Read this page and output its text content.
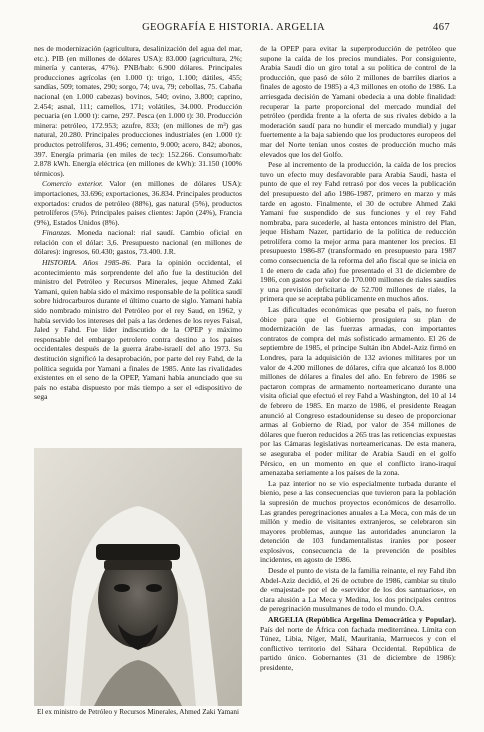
GEOGRAFÍA E HISTORIA. ARGELIA	467

nes de modernización (agricultura, desalinización del agua del mar, etc.). PIB (en millones de dólares USA): 83.000 (agricultura, 2%; minería y canteras, 47%). PNB/hab: 6.900 dólares. Principales producciones agrícolas (en 1.000 t): trigo, 1.100; dátiles, 455; sandías, 509; tomates, 290; sorgo, 74; uva, 79; cebollas, 75. Cabaña nacional (en 1.000 cabezas) bovinos, 540; ovino, 3.800; caprino, 2.454; asnal, 111; camellos, 171; volátiles, 34.000. Producción pecuaria (en 1.000 t): carne, 297. Pesca (en 1.000 t): 30. Producción minera: petróleo, 172.953; azufre, 833; (en millones de m³) gas natural, 20.280. Principales producciones industriales (en 1.000 t): productos petrolíferos, 31.496; cemento, 9.000; acero, 842; abonos, 397. Energía primaria (en miles de tec): 152.266. Consumo/hab: 2.878 kWh. Energía eléctrica (en millones de kWh): 31.150 (100% térmicos).

Comercio exterior. Valor (en millones de dólares USA): importaciones, 33.696; exportaciones, 36.834. Principales productos exportados: crudos de petróleo (88%), gas natural (5%), productos petrolíferos (5%). Principales países clientes: Japón (24%), Francia (9%), Estados Unidos (8%).

Finanzas. Moneda nacional: rial saudí. Cambio oficial en relación con el dólar: 3,6. Presupuesto nacional (en millones de dólares): ingresos, 60.430; gastos, 73.400. J.R.

HISTORIA. Años 1985-86. Para la opinión occidental, el acontecimiento más sorprendente del año fue la destitución del ministro del Petróleo y Recursos Minerales, jeque Ahmed Zaki Yamani, quien había sido el máximo responsable de la política saudí sobre hidrocarburos durante el último cuarto de siglo. Yamani había sido nombrado ministro del Petróleo por el rey Saud, en 1962, y había servido los intereses del país a las órdenes de los reyes Faisal, Jaled y Fahd. Fue líder indiscutido de la OPEP y máximo responsable del embargo petrolero contra destino a los países occidentales después de la guerra árabe-israelí del año 1973. Su destitución significó la desaprobación, por parte del rey Fahd, de la política seguida por Yamani a finales de 1985. Ante las rivalidades existentes en el seno de la OPEP, Yamani había anunciado que su país no estaba dispuesto por más tiempo a ser el «dispositivo de sega

El ex ministro de Petróleo y Recursos Minerales, Ahmed Zaki Yamani

de la OPEP para evitar la superproducción de petróleo que supone la caída de los precios mundiales. Por consiguiente, Arabia Saudí dio un giro total a su política de control de la producción, que pasó de sólo 2 millones de barriles diarios a finales de agosto de 1985) a 4,3 millones en otoño de 1986. La arriesgada decisión de Yamani obedecía a una doble finalidad: recuperar la parte proporcional del mercado mundial del petróleo (perdida frente a la oferta de sus rivales debido a la moderación saudí para no hundir el mercado mundial) y jugar fuertemente a la baja sabiendo que los productores europeos del mar del Norte tenían unos costes de producción mucho más elevados que los del Golfo.

Pese al incremento de la producción, la caída de los precios tuvo un efecto muy desfavorable para Arabia Saudí, hasta el punto de que el rey Fahd retrasó por dos veces la publicación del presupuesto del año 1986-1987, primero en marzo y más tarde en agosto. Finalmente, el 30 de octubre Ahmed Zaki Yamani fue suspendido de sus funciones y el rey Fahd nombraba, para sucederle, al hasta entonces ministro del Plan, jeque Hisham Nazer, partidario de la política de reducción petrolífera como la mejor arma para mantener los precios. El presupuesto 1986-87 (transformado en presupuesto para 1987 como consecuencia de la reforma del año fiscal que se inicia en 1 de enero de cada año) fue presentado el 31 de diciembre de 1986, con gastos por valor de 170.000 millones de riales saudíes y una previsión deficitaria de 52.700 millones de riales, la primera que se aceptaba públicamente en muchos años.

Las dificultades económicas que pesaba el país, no fueron óbice para que el Gobierno prosiguiera su plan de modernización de las fuerzas armadas, con importantes contratos de compra del más sofisticado armamento. El 26 de septiembre de 1985, el príncipe Sultán ibn Abdel-Aziz firmó en Londres, para la adquisición de 132 aviones militares por un valor de 4.200 millones de dólares, cifra que alcanzó los 8.000 millones de dólares a finales del año. En febrero de 1986 se pactaron compras de armamento norteamericano durante una visita oficial que efectuó el rey Fahd a Washington, del 10 al 14 de febrero de 1985. En marzo de 1986, el presidente Reagan anunció al Congreso estadounidense su deseo de proporcionar armas al Gobierno de Riad, por valor de 354 millones de dólares que fueron reducidos a 265 tras las reticencias expuestas por las Cámaras legislativas norteamericanas. De esta manera, se aseguraba el poder militar de Arabia Saudí en el golfo Pérsico, en un momento en que el conflicto irano-iraquí amenazaba seriamente a los países de la zona.

La paz interior no se vio especialmente turbada durante el bienio, pese a las consecuencias que tuvieron para la población la supresión de muchos proyectos económicos de desarrollo. Las grandes peregrinaciones anuales a La Meca, con más de un millón y medio de visitantes extranjeros, se celebraron sin mayores problemas, aunque las autoridades anunciaron la detención de 103 fundamentalistas iraníes por poseer explosivos, consecuencia de la prevención de posibles incidentes, en agosto de 1986.

Desde el punto de vista de la familia reinante, el rey Fahd ibn Abdel-Aziz decidió, el 26 de octubre de 1986, cambiar su título de «majestad» por el de «servidor de los dos santuarios», en clara alusión a La Meca y Medina, los dos principales centros de peregrinación musulmanes de todo el mundo. O.A.

ARGELIA (República Argelina Democrática y Popular). País del norte de África con fachada mediterránea. Límita con Túnez, Libia, Níger, Malí, Mauritania, Marruecos y con el conflictivo territorio del Sáhara Occidental. República de partido único. Gobernantes (31 de diciembre de 1986): presidente,
